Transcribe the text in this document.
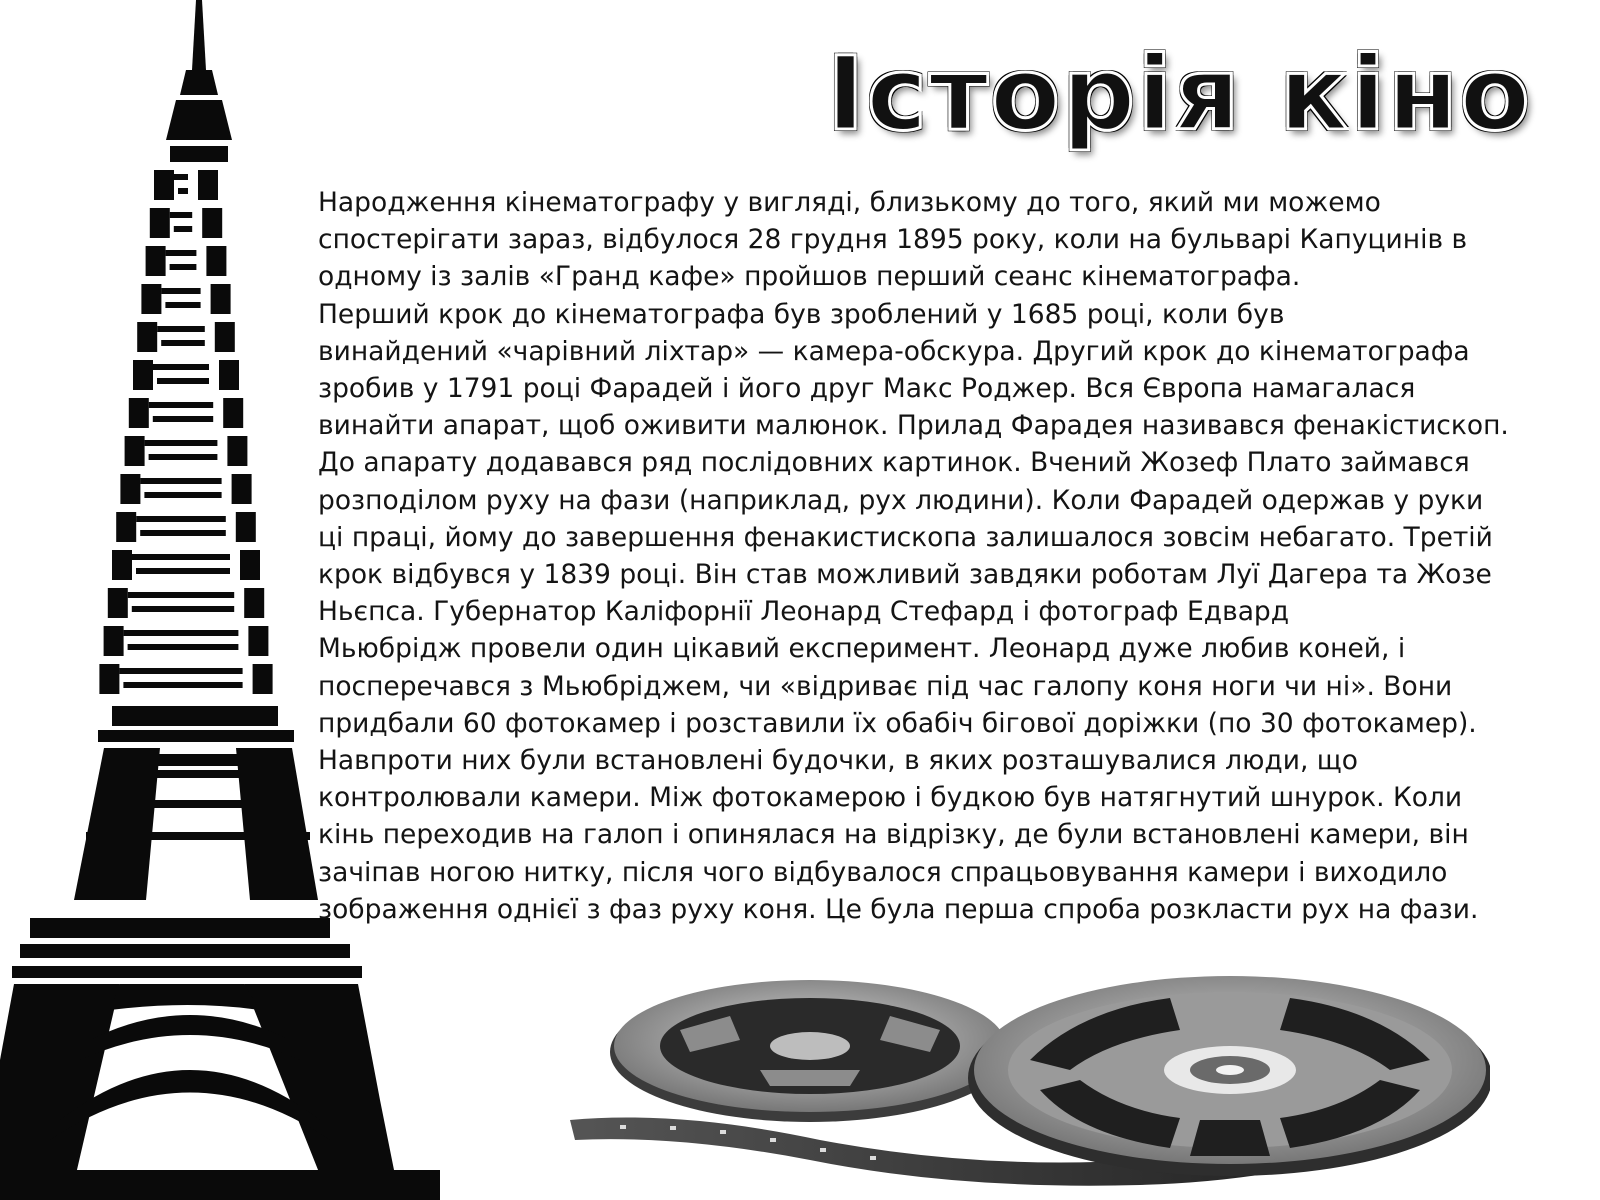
Історія кіно
Народження кінематографу у вигляді, близькому до того, який ми можемо
спостерігати зараз, відбулося 28 грудня 1895 року, коли на бульварі Капуцинів в
одному із залів «Гранд кафе» пройшов перший сеанс кінематографа.
Перший крок до кінематографа був зроблений у 1685 році, коли був
винайдений «чарівний ліхтар» — камера-обскура. Другий крок до кінематографа
зробив у 1791 році Фарадей і його друг Макс Роджер. Вся Європа намагалася
винайти апарат, щоб оживити малюнок. Прилад Фарадея називався фенакістископ.
До апарату додавався ряд послідовних картинок. Вчений Жозеф Плато займався
розподілом руху на фази (наприклад, рух людини). Коли Фарадей одержав у руки
ці праці, йому до завершення фенакистископа залишалося зовсім небагато. Третій
крок відбувся у 1839 році. Він став можливий завдяки роботам Луї Дагера та Жозе
Ньєпса. Губернатор Каліфорнії Леонард Стефард і фотограф Едвард
Мьюбрідж провели один цікавий експеримент. Леонард дуже любив коней, і
посперечався з Мьюбріджем, чи «відриває під час галопу коня ноги чи ні». Вони
придбали 60 фотокамер і розставили їх обабіч бігової доріжки (по 30 фотокамер).
Навпроти них були встановлені будочки, в яких розташувалися люди, що
контролювали камери. Між фотокамерою і будкою був натягнутий шнурок. Коли
кінь переходив на галоп і опинялася на відрізку, де були встановлені камери, він
зачіпав ногою нитку, після чого відбувалося спрацьовування камери і виходило
зображення однієї з фаз руху коня. Це була перша спроба розкласти рух на фази.
